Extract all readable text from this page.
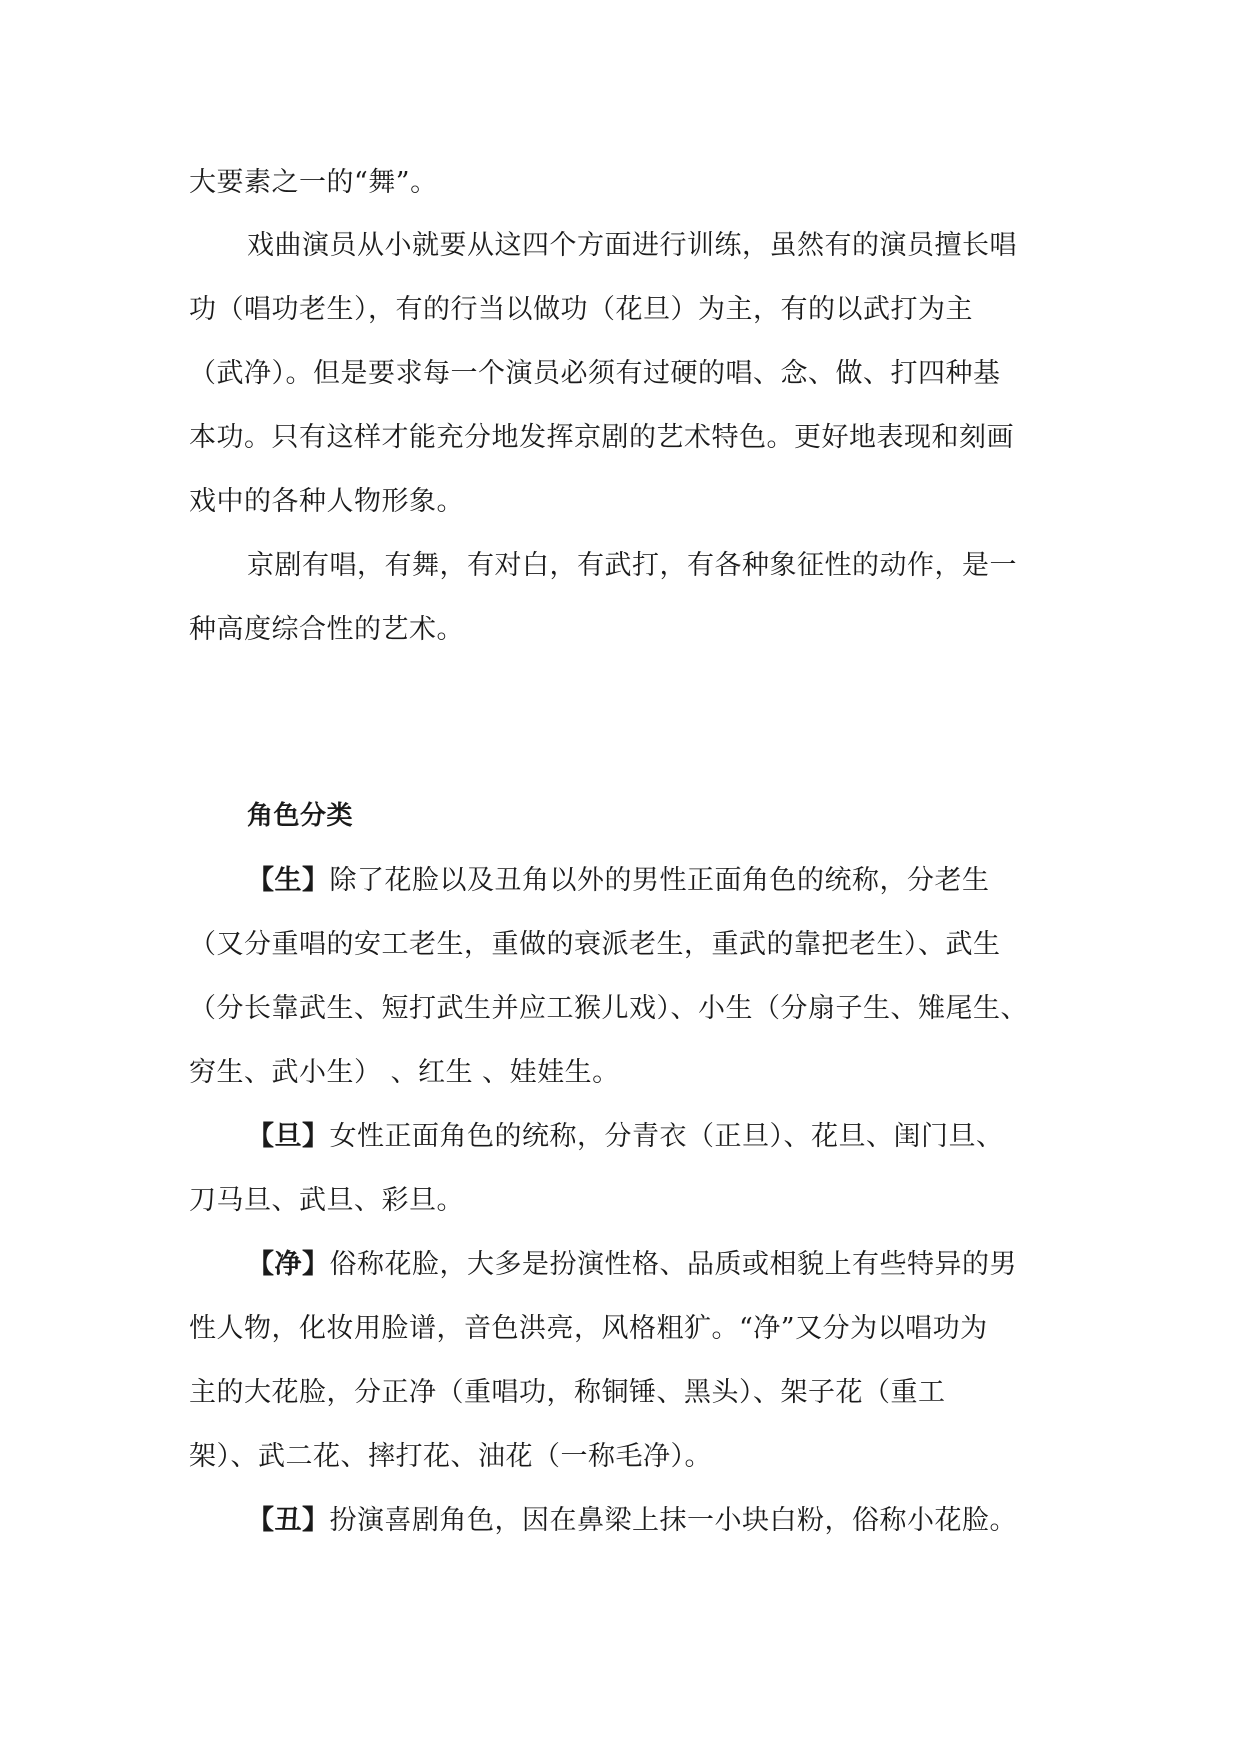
大要素之一的“舞”。
戏曲演员从小就要从这四个方面进行训练，虽然有的演员擅长唱
功（唱功老生），有的行当以做功（花旦）为主，有的以武打为主
（武净）。但是要求每一个演员必须有过硬的唱、念、做、打四种基
本功。只有这样才能充分地发挥京剧的艺术特色。更好地表现和刻画
戏中的各种人物形象。
京剧有唱，有舞，有对白，有武打，有各种象征性的动作，是一
种高度综合性的艺术。
角色分类
【生】除了花脸以及丑角以外的男性正面角色的统称，分老生
（又分重唱的安工老生，重做的衰派老生，重武的靠把老生）、武生
（分长靠武生、短打武生并应工猴儿戏）、小生（分扇子生、雉尾生、
穷生、武小生） 、红生 、娃娃生。
【旦】女性正面角色的统称，分青衣（正旦）、花旦、闺门旦、
刀马旦、武旦、彩旦。
【净】俗称花脸，大多是扮演性格、品质或相貌上有些特异的男
性人物，化妆用脸谱，音色洪亮，风格粗犷。“净”又分为以唱功为
主的大花脸，分正净（重唱功，称铜锤、黑头）、架子花（重工
架）、武二花、摔打花、油花（一称毛净）。
【丑】扮演喜剧角色，因在鼻梁上抹一小块白粉，俗称小花脸。
